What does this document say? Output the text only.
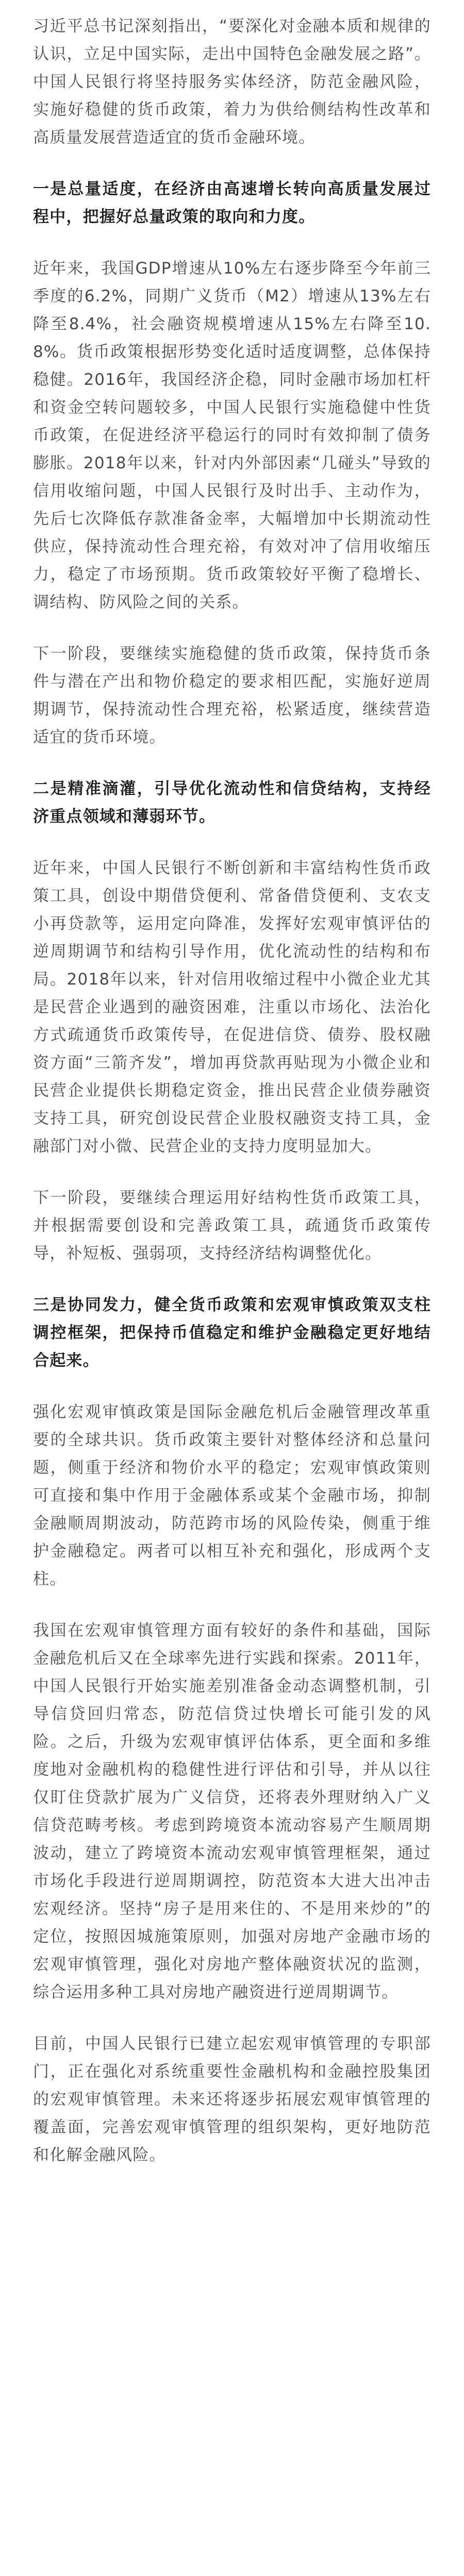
习近平总书记深刻指出，“要深化对金融本质和规律的认识，立足中国实际，走出中国特色金融发展之路”。中国人民银行将坚持服务实体经济，防范金融风险，实施好稳健的货币政策，着力为供给侧结构性改革和高质量发展营造适宜的货币金融环境。

一是总量适度，在经济由高速增长转向高质量发展过程中，把握好总量政策的取向和力度。

近年来，我国GDP增速从10%左右逐步降至今年前三季度的6.2%，同期广义货币（M2）增速从13%左右降至8.4%，社会融资规模增速从15%左右降至10.8%。货币政策根据形势变化适时适度调整，总体保持稳健。2016年，我国经济企稳，同时金融市场加杠杆和资金空转问题较多，中国人民银行实施稳健中性货币政策，在促进经济平稳运行的同时有效抑制了债务膨胀。2018年以来，针对内外部因素“几碰头”导致的信用收缩问题，中国人民银行及时出手、主动作为，先后七次降低存款准备金率，大幅增加中长期流动性供应，保持流动性合理充裕，有效对冲了信用收缩压力，稳定了市场预期。货币政策较好平衡了稳增长、调结构、防风险之间的关系。

下一阶段，要继续实施稳健的货币政策，保持货币条件与潜在产出和物价稳定的要求相匹配，实施好逆周期调节，保持流动性合理充裕，松紧适度，继续营造适宜的货币环境。

二是精准滴灌，引导优化流动性和信贷结构，支持经济重点领域和薄弱环节。

近年来，中国人民银行不断创新和丰富结构性货币政策工具，创设中期借贷便利、常备借贷便利、支农支小再贷款等，运用定向降准，发挥好宏观审慎评估的逆周期调节和结构引导作用，优化流动性的结构和布局。2018年以来，针对信用收缩过程中小微企业尤其是民营企业遇到的融资困难，注重以市场化、法治化方式疏通货币政策传导，在促进信贷、债券、股权融资方面“三箭齐发”，增加再贷款再贴现为小微企业和民营企业提供长期稳定资金，推出民营企业债券融资支持工具，研究创设民营企业股权融资支持工具，金融部门对小微、民营企业的支持力度明显加大。

下一阶段，要继续合理运用好结构性货币政策工具，并根据需要创设和完善政策工具，疏通货币政策传导，补短板、强弱项，支持经济结构调整优化。

三是协同发力，健全货币政策和宏观审慎政策双支柱调控框架，把保持币值稳定和维护金融稳定更好地结合起来。

强化宏观审慎政策是国际金融危机后金融管理改革重要的全球共识。货币政策主要针对整体经济和总量问题，侧重于经济和物价水平的稳定；宏观审慎政策则可直接和集中作用于金融体系或某个金融市场，抑制金融顺周期波动，防范跨市场的风险传染，侧重于维护金融稳定。两者可以相互补充和强化，形成两个支柱。

我国在宏观审慎管理方面有较好的条件和基础，国际金融危机后又在全球率先进行实践和探索。2011年，中国人民银行开始实施差别准备金动态调整机制，引导信贷回归常态，防范信贷过快增长可能引发的风险。之后，升级为宏观审慎评估体系，更全面和多维度地对金融机构的稳健性进行评估和引导，并从以往仅盯住贷款扩展为广义信贷，还将表外理财纳入广义信贷范畴考核。考虑到跨境资本流动容易产生顺周期波动，建立了跨境资本流动宏观审慎管理框架，通过市场化手段进行逆周期调控，防范资本大进大出冲击宏观经济。坚持“房子是用来住的、不是用来炒的”的定位，按照因城施策原则，加强对房地产金融市场的宏观审慎管理，强化对房地产整体融资状况的监测，综合运用多种工具对房地产融资进行逆周期调节。

目前，中国人民银行已建立起宏观审慎管理的专职部门，正在强化对系统重要性金融机构和金融控股集团的宏观审慎管理。未来还将逐步拓展宏观审慎管理的覆盖面，完善宏观审慎管理的组织架构，更好地防范和化解金融风险。
